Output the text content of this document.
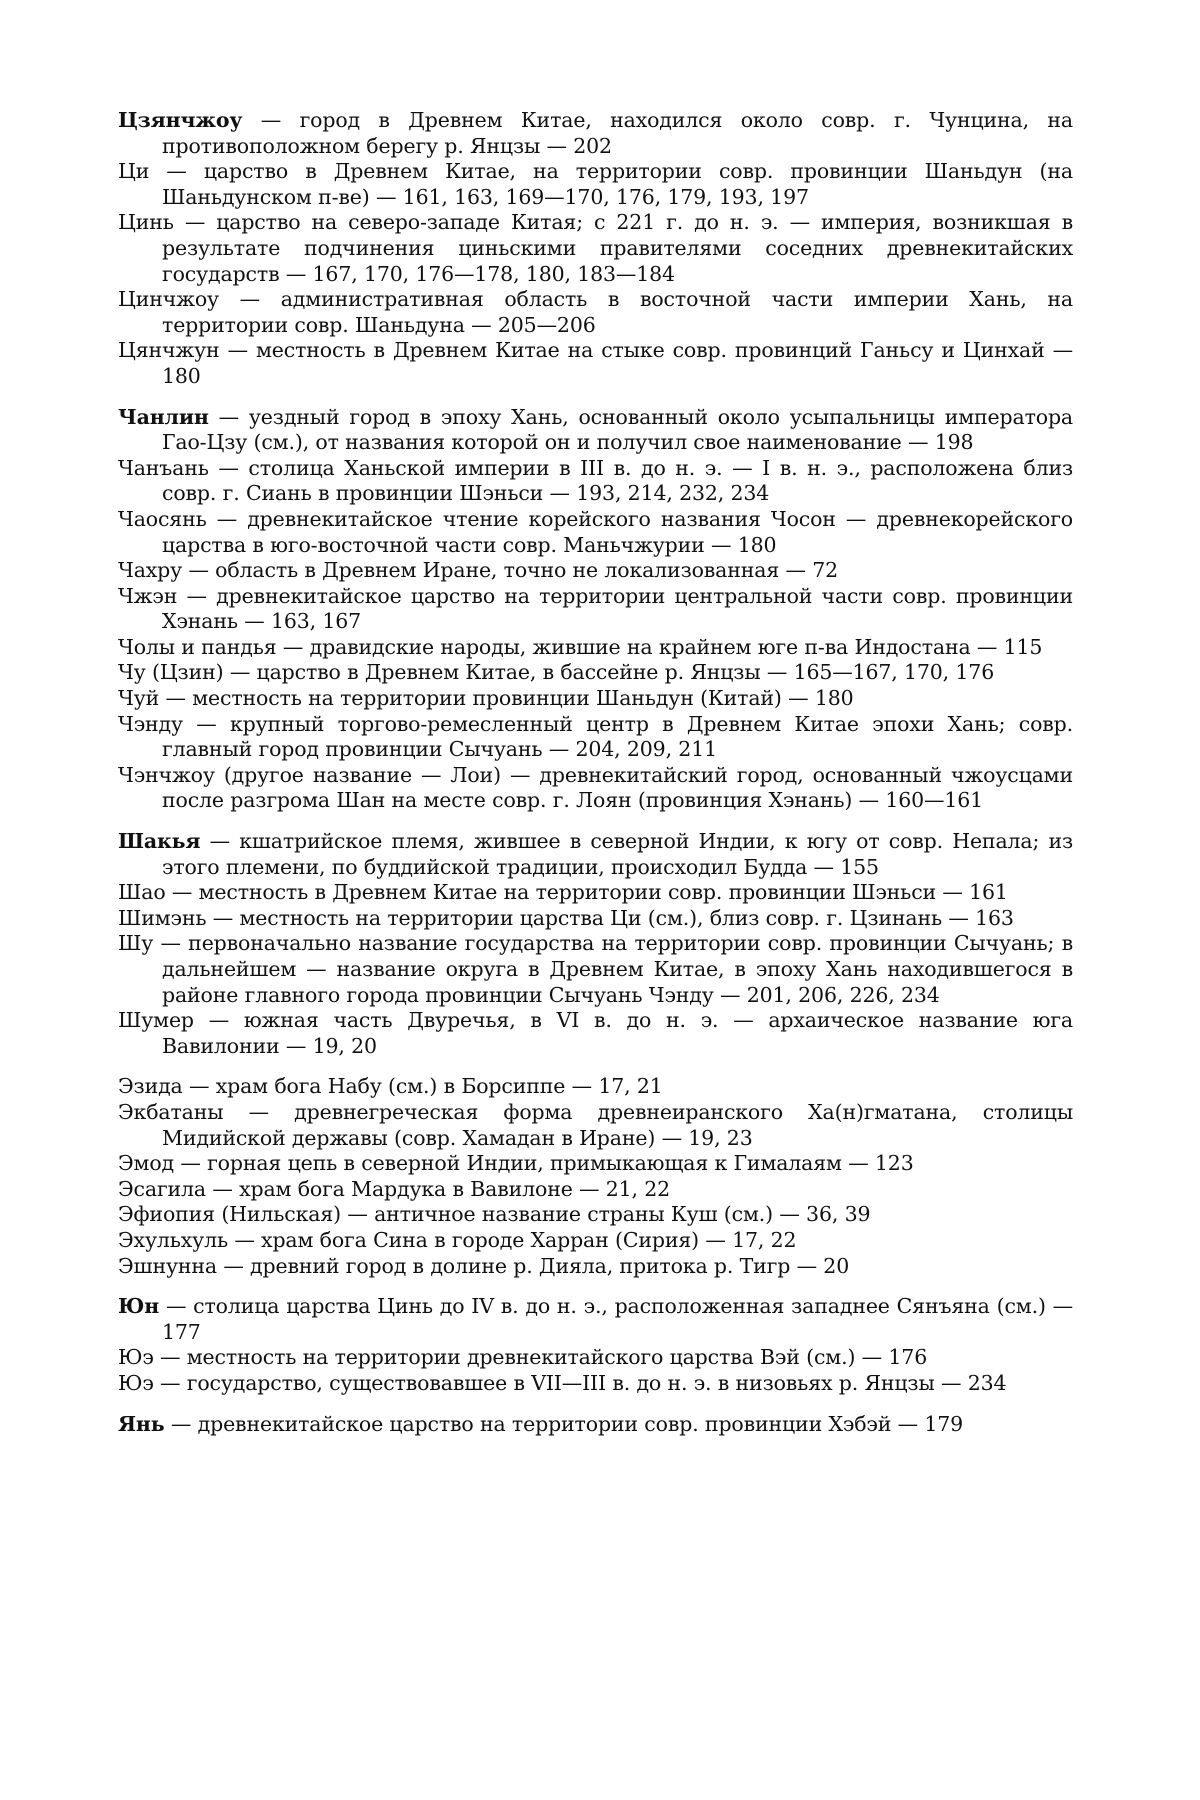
Цзянчжоу — город в Древнем Китае, находился около совр. г. Чунцина, на противоположном берегу р. Янцзы — 202

Ци — царство в Древнем Китае, на территории совр. провинции Шаньдун (на Шаньдунском п-ве) — 161, 163, 169—170, 176, 179, 193, 197

Цинь — царство на северо-западе Китая; с 221 г. до н. э. — империя, возникшая в результате подчинения циньскими правителями соседних древнекитайских государств — 167, 170, 176—178, 180, 183—184

Цинчжоу — административная область в восточной части империи Хань, на территории совр. Шаньдуна — 205—206

Цянчжун — местность в Древнем Китае на стыке совр. провинций Ганьсу и Цинхай — 180

Чанлин — уездный город в эпоху Хань, основанный около усыпальницы императора Гао-Цзу (см.), от названия которой он и получил свое наименование — 198

Чанъань — столица Ханьской империи в III в. до н. э. — I в. н. э., расположена близ совр. г. Сиань в провинции Шэньси — 193, 214, 232, 234

Чаосянь — древнекитайское чтение корейского названия Чосон — древнекорейского царства в юго-восточной части совр. Маньчжурии — 180

Чахру — область в Древнем Иране, точно не локализованная — 72

Чжэн — древнекитайское царство на территории центральной части совр. провинции Хэнань — 163, 167

Чолы и пандья — дравидские народы, жившие на крайнем юге п-ва Индостана — 115

Чу (Цзин) — царство в Древнем Китае, в бассейне р. Янцзы — 165—167, 170, 176

Чуй — местность на территории провинции Шаньдун (Китай) — 180

Чэнду — крупный торгово-ремесленный центр в Древнем Китае эпохи Хань; совр. главный город провинции Сычуань — 204, 209, 211

Чэнчжоу (другое название — Лои) — древнекитайский город, основанный чжоусцами после разгрома Шан на месте совр. г. Лоян (провинция Хэнань) — 160—161

Шакья — кшатрийское племя, жившее в северной Индии, к югу от совр. Непала; из этого племени, по буддийской традиции, происходил Будда — 155

Шао — местность в Древнем Китае на территории совр. провинции Шэньси — 161

Шимэнь — местность на территории царства Ци (см.), близ совр. г. Цзинань — 163

Шу — первоначально название государства на территории совр. провинции Сычуань; в дальнейшем — название округа в Древнем Китае, в эпоху Хань находившегося в районе главного города провинции Сычуань Чэнду — 201, 206, 226, 234

Шумер — южная часть Двуречья, в VI в. до н. э. — архаическое название юга Вавилонии — 19, 20

Эзида — храм бога Набу (см.) в Борсиппе — 17, 21

Экбатаны — древнегреческая форма древнеиранского Ха(н)гматана, столицы Мидийской державы (совр. Хамадан в Иране) — 19, 23

Эмод — горная цепь в северной Индии, примыкающая к Гималаям — 123

Эсагила — храм бога Мардука в Вавилоне — 21, 22

Эфиопия (Нильская) — античное название страны Куш (см.) — 36, 39

Эхульхуль — храм бога Сина в городе Харран (Сирия) — 17, 22

Эшнунна — древний город в долине р. Дияла, притока р. Тигр — 20

Юн — столица царства Цинь до IV в. до н. э., расположенная западнее Сянъяна (см.) — 177

Юэ — местность на территории древнекитайского царства Вэй (см.) — 176

Юэ — государство, существовавшее в VII—III в. до н. э. в низовьях р. Янцзы — 234

Янь — древнекитайское царство на территории совр. провинции Хэбэй — 179
